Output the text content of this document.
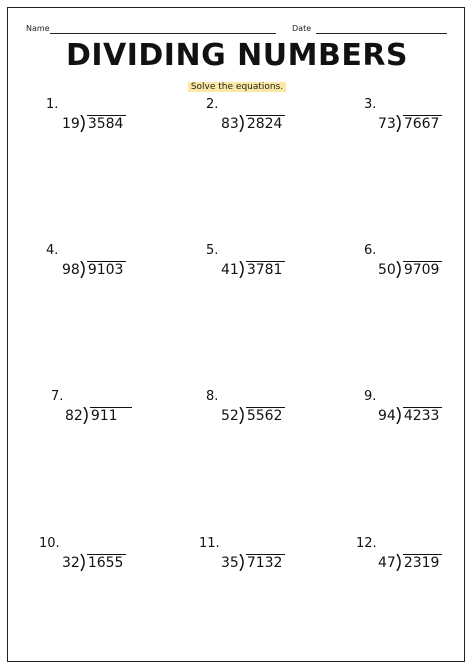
Name	Date
DIVIDING NUMBERS
Solve the equations.
1.
19 3584
2.
83 2824
3.
73 7667
4.
98 9103
5.
41 3781
6.
50 9709
7.
82 911
8.
52 5562
9.
94 4233
10.
32 1655
11.
35 7132
12.
47 2319
